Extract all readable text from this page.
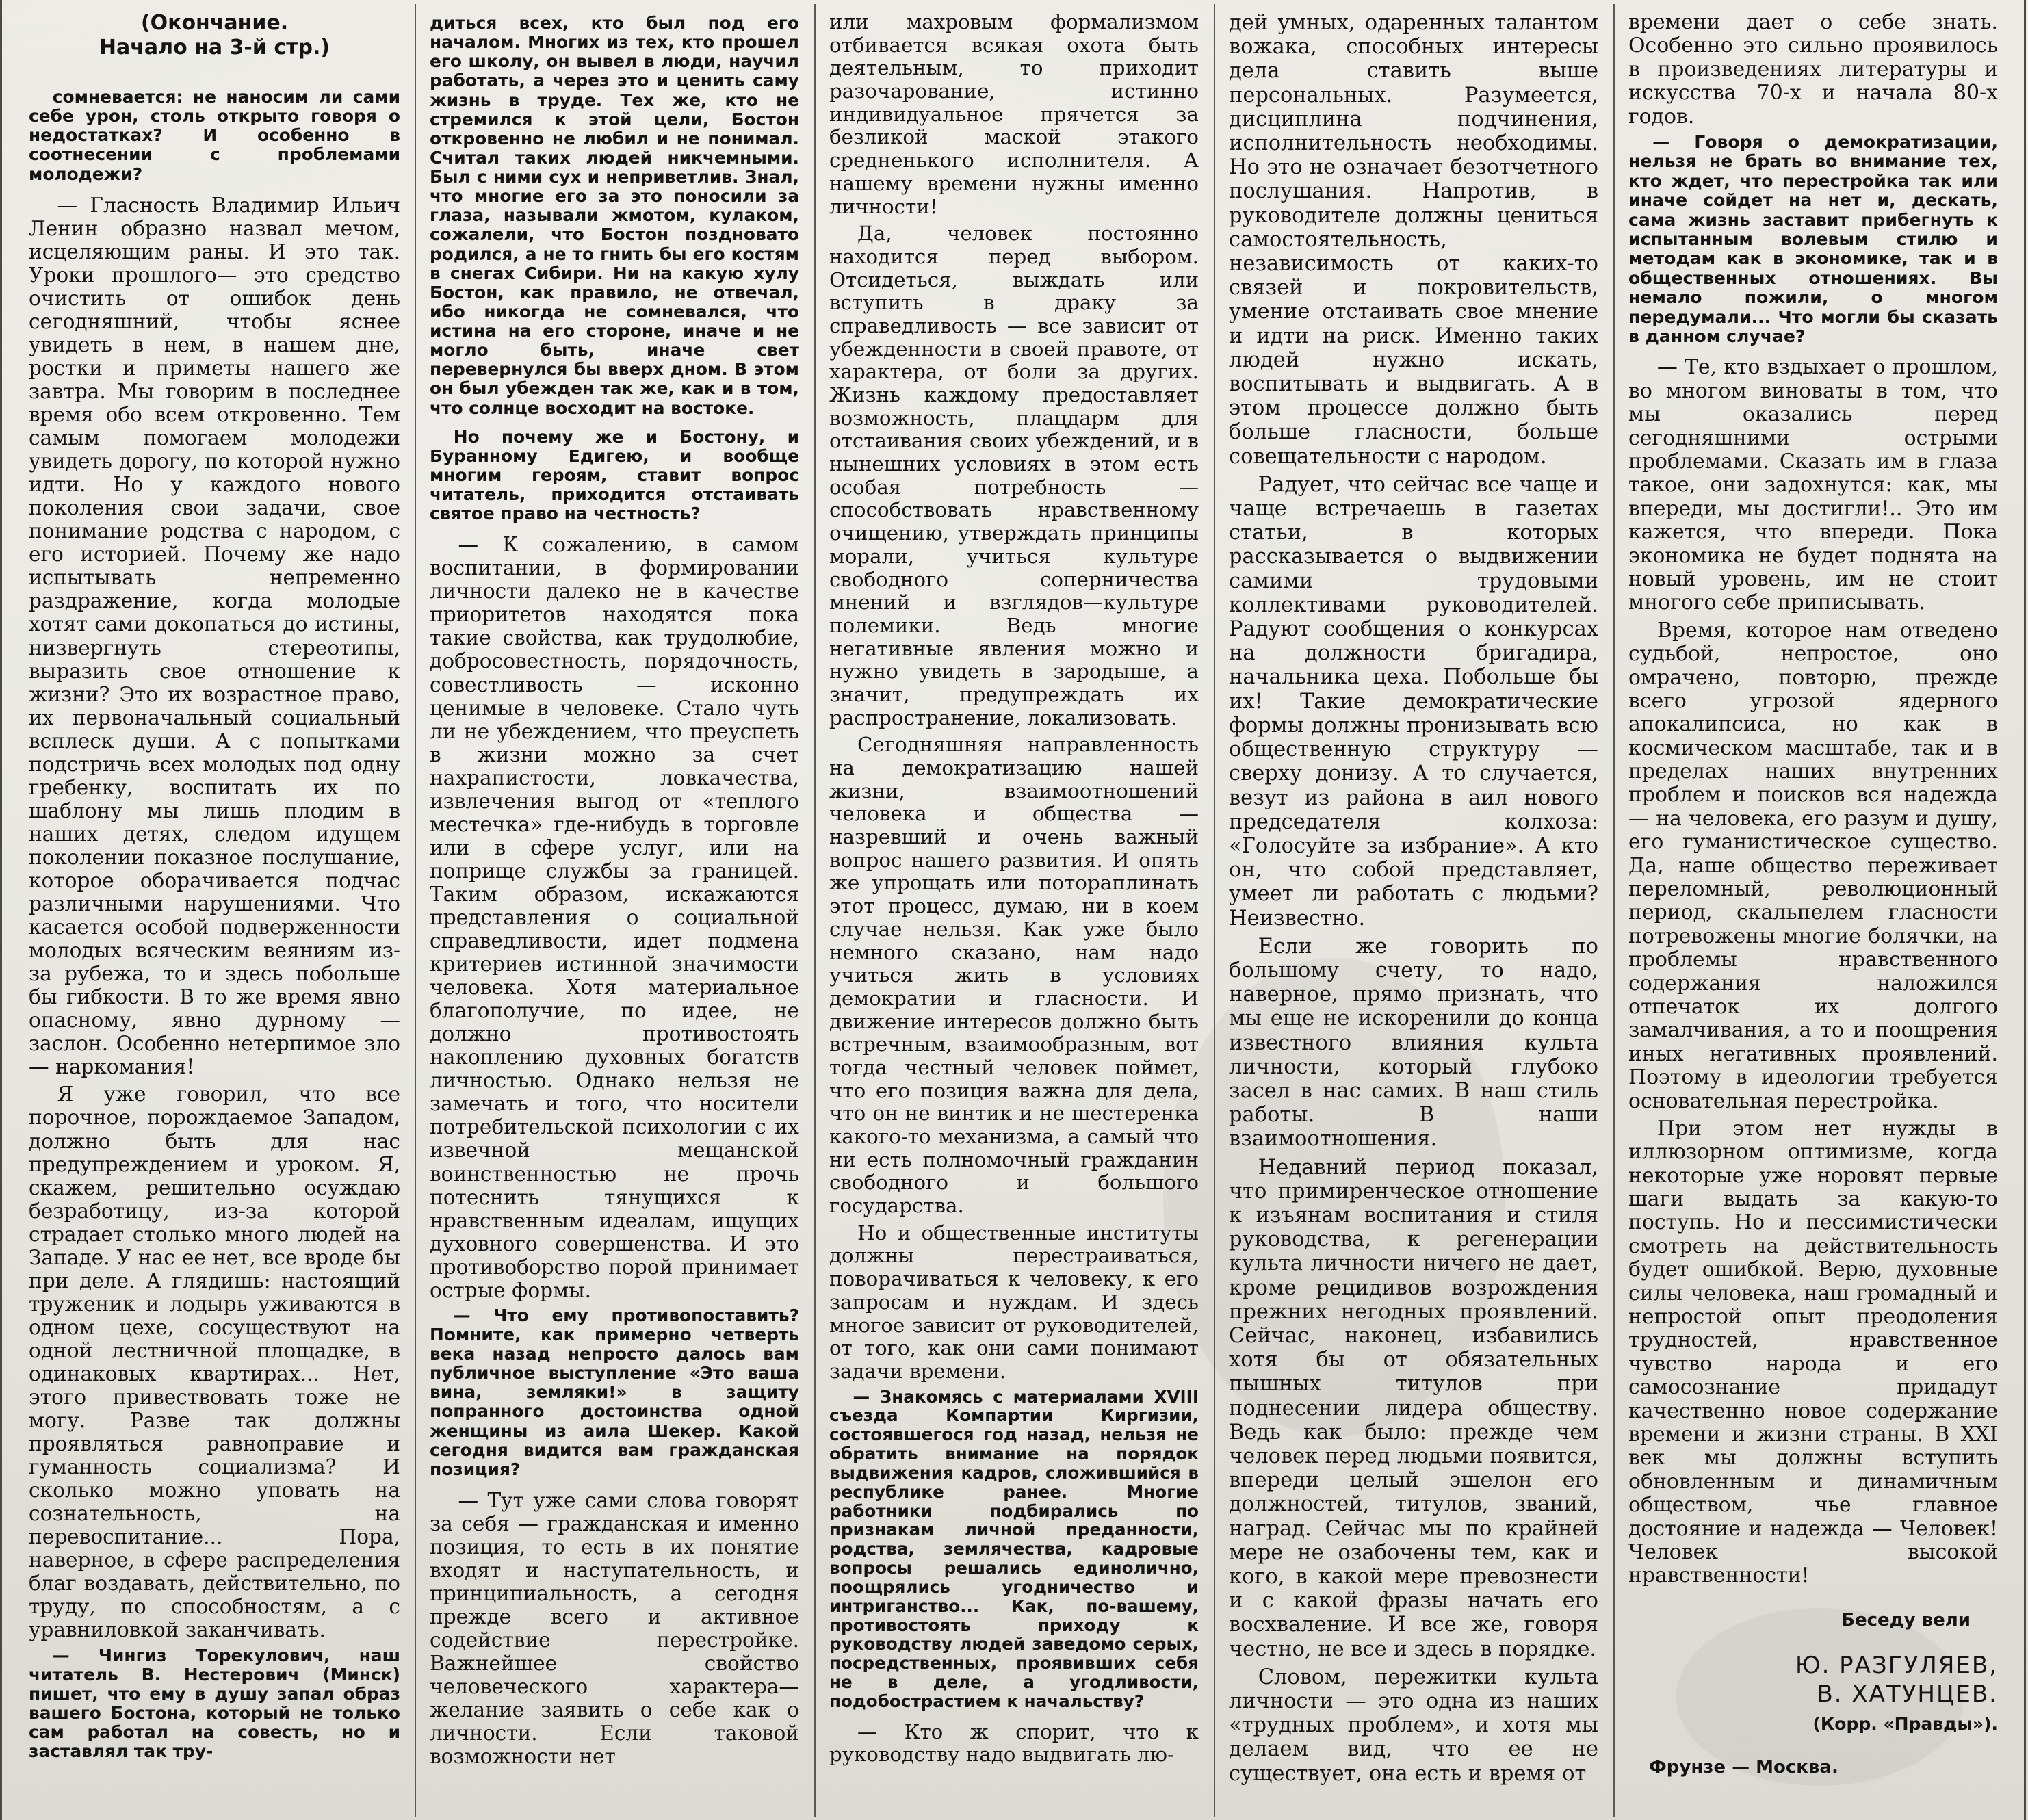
(Окончание.
Начало на 3-й стр.)

сомневается: не наносим ли сами себе урон, столь открыто говоря о недостатках? И особенно в соотнесении с проблемами молодежи?

— Гласность Владимир Ильич Ленин образно назвал мечом, исцеляющим раны. И это так. Уроки прошлого— это средство очистить от ошибок день сегодняшний, чтобы яснее увидеть в нем, в нашем дне, ростки и приметы нашего же завтра. Мы говорим в последнее время обо всем откровенно. Тем самым помогаем молодежи увидеть дорогу, по которой нужно идти. Но у каждого нового поколения свои задачи, свое понимание родства с народом, с его историей. Почему же надо испытывать непременно раздражение, когда молодые хотят сами докопаться до истины, низвергнуть стереотипы, выразить свое отношение к жизни? Это их возрастное право, их первоначальный социальный всплеск души. А с попытками подстричь всех молодых под одну гребенку, воспитать их по шаблону мы лишь плодим в наших детях, следом идущем поколении показное послушание, которое оборачивается подчас различными нарушениями. Что касается особой подверженности молодых всяческим веяниям из-за рубежа, то и здесь побольше бы гибкости. В то же время явно опасному, явно дурному — заслон. Особенно нетерпимое зло — наркомания!

Я уже говорил, что все порочное, порождаемое Западом, должно быть для нас предупреждением и уроком. Я, скажем, решительно осуждаю безработицу, из-за которой страдает столько много людей на Западе. У нас ее нет, все вроде бы при деле. А глядишь: настоящий труженик и лодырь уживаются в одном цехе, сосуществуют на одной лестничной площадке, в одинаковых квартирах... Нет, этого привествовать тоже не могу. Разве так должны проявляться равноправие и гуманность социализма? И сколько можно уповать на сознательность, на перевоспитание... Пора, наверное, в сфере распределения благ воздавать, действительно, по труду, по способностям, а с уравниловкой заканчивать.

— Чингиз Торекулович, наш читатель В. Нестерович (Минск) пишет, что ему в душу запал образ вашего Бостона, который не только сам работал на совесть, но и заставлял так тру-

диться всех, кто был под его началом. Многих из тех, кто прошел его школу, он вывел в люди, научил работать, а через это и ценить саму жизнь в труде. Тех же, кто не стремился к этой цели, Бостон откровенно не любил и не понимал. Считал таких людей никчемными. Был с ними сух и неприветлив. Знал, что многие его за это поносили за глаза, называли жмотом, кулаком, сожалели, что Бостон поздновато родился, а не то гнить бы его костям в снегах Сибири. Ни на какую хулу Бостон, как правило, не отвечал, ибо никогда не сомневался, что истина на его стороне, иначе и не могло быть, иначе свет перевернулся бы вверх дном. В этом он был убежден так же, как и в том, что солнце восходит на востоке.

Но почему же и Бостону, и Буранному Едигею, и вообще многим героям, ставит вопрос читатель, приходится отстаивать святое право на честность?

— К сожалению, в самом воспитании, в формировании личности далеко не в качестве приоритетов находятся пока такие свойства, как трудолюбие, добросовестность, порядочность, совестливость — исконно ценимые в человеке. Стало чуть ли не убеждением, что преуспеть в жизни можно за счет нахрапистости, ловкачества, извлечения выгод от «теплого местечка» где-нибудь в торговле или в сфере услуг, или на поприще службы за границей. Таким образом, искажаются представления о социальной справедливости, идет подмена критериев истинной значимости человека. Хотя материальное благополучие, по идее, не должно противостоять накоплению духовных богатств личностью. Однако нельзя не замечать и того, что носители потребительской психологии с их извечной мещанской воинственностью не прочь потеснить тянущихся к нравственным идеалам, ищущих духовного совершенства. И это противоборство порой принимает острые формы.

— Что ему противопоставить? Помните, как примерно четверть века назад непросто далось вам публичное выступление «Это ваша вина, земляки!» в защиту попранного достоинства одной женщины из аила Шекер. Какой сегодня видится вам гражданская позиция?

— Тут уже сами слова говорят за себя — гражданская и именно позиция, то есть в их понятие входят и наступательность, и принципиальность, а сегодня прежде всего и активное содействие перестройке. Важнейшее свойство человеческого характера—желание заявить о себе как о личности. Если таковой возможности нет

или махровым формализмом отбивается всякая охота быть деятельным, то приходит разочарование, истинно индивидуальное прячется за безликой маской этакого средненького исполнителя. А нашему времени нужны именно личности!

Да, человек постоянно находится перед выбором. Отсидеться, выждать или вступить в драку за справедливость — все зависит от убежденности в своей правоте, от характера, от боли за других. Жизнь каждому предоставляет возможность, плацдарм для отстаивания своих убеждений, и в нынешних условиях в этом есть особая потребность — способствовать нравственному очищению, утверждать принципы морали, учиться культуре свободного соперничества мнений и взглядов—культуре полемики. Ведь многие негативные явления можно и нужно увидеть в зародыше, а значит, предупреждать их распространение, локализовать.

Сегодняшняя направленность на демократизацию нашей жизни, взаимоотношений человека и общества — назревший и очень важный вопрос нашего развития. И опять же упрощать или потораплинать этот процесс, думаю, ни в коем случае нельзя. Как уже было немного сказано, нам надо учиться жить в условиях демократии и гласности. И движение интересов должно быть встречным, взаимообразным, вот тогда честный человек поймет, что его позиция важна для дела, что он не винтик и не шестеренка какого-то механизма, а самый что ни есть полномочный гражданин свободного и большого государства.

Но и общественные институты должны перестраиваться, поворачиваться к человеку, к его запросам и нуждам. И здесь многое зависит от руководителей, от того, как они сами понимают задачи времени.

— Знакомясь с материалами XVIII съезда Компартии Киргизии, состоявшегося год назад, нельзя не обратить внимание на порядок выдвижения кадров, сложившийся в республике ранее. Многие работники подбирались по признакам личной преданности, родства, землячества, кадровые вопросы решались единолично, поощрялись угодничество и интриганство... Как, по-вашему, противостоять приходу к руководству людей заведомо серых, посредственных, проявивших себя не в деле, а угодливости, подобострастием к начальству?

— Кто ж спорит, что к руководству надо выдвигать лю-

дей умных, одаренных талантом вожака, способных интересы дела ставить выше персональных. Разумеется, дисциплина подчинения, исполнительность необходимы. Но это не означает безотчетного послушания. Напротив, в руководителе должны цениться самостоятельность, независимость от каких-то связей и покровительств, умение отстаивать свое мнение и идти на риск. Именно таких людей нужно искать, воспитывать и выдвигать. А в этом процессе должно быть больше гласности, больше совещательности с народом.

Радует, что сейчас все чаще и чаще встречаешь в газетах статьи, в которых рассказывается о выдвижении самими трудовыми коллективами руководителей. Радуют сообщения о конкурсах на должности бригадира, начальника цеха. Побольше бы их! Такие демократические формы должны пронизывать всю общественную структуру — сверху донизу. А то случается, везут из района в аил нового председателя колхоза: «Голосуйте за избрание». А кто он, что собой представляет, умеет ли работать с людьми? Неизвестно.

Если же говорить по большому счету, то надо, наверное, прямо признать, что мы еще не искоренили до конца известного влияния культа личности, который глубоко засел в нас самих. В наш стиль работы. В наши взаимоотношения.

Недавний период показал, что примиренческое отношение к изъянам воспитания и стиля руководства, к регенерации культа личности ничего не дает, кроме рецидивов возрождения прежних негодных проявлений. Сейчас, наконец, избавились хотя бы от обязательных пышных титулов при поднесении лидера обществу. Ведь как было: прежде чем человек перед людьми появится, впереди целый эшелон его должностей, титулов, званий, наград. Сейчас мы по крайней мере не озабочены тем, как и кого, в какой мере превознести и с какой фразы начать его восхваление. И все же, говоря честно, не все и здесь в порядке.

Словом, пережитки культа личности — это одна из наших «трудных проблем», и хотя мы делаем вид, что ее не существует, она есть и время от

времени дает о себе знать. Особенно это сильно проявилось в произведениях литературы и искусства 70-х и начала 80-х годов.

— Говоря о демократизации, нельзя не брать во внимание тех, кто ждет, что перестройка так или иначе сойдет на нет и, дескать, сама жизнь заставит прибегнуть к испытанным волевым стилю и методам как в экономике, так и в общественных отношениях. Вы немало пожили, о многом передумали... Что могли бы сказать в данном случае?

— Те, кто вздыхает о прошлом, во многом виноваты в том, что мы оказались перед сегодняшними острыми проблемами. Сказать им в глаза такое, они задохнутся: как, мы впереди, мы достигли!.. Это им кажется, что впереди. Пока экономика не будет поднята на новый уровень, им не стоит многого себе приписывать.

Время, которое нам отведено судьбой, непростое, оно омрачено, повторю, прежде всего угрозой ядерного апокалипсиса, но как в космическом масштабе, так и в пределах наших внутренних проблем и поисков вся надежда — на человека, его разум и душу, его гуманистическое существо. Да, наше общество переживает переломный, революционный период, скальпелем гласности потревожены многие болячки, на проблемы нравственного содержания наложился отпечаток их долгого замалчивания, а то и поощрения иных негативных проявлений. Поэтому в идеологии требуется основательная перестройка.

При этом нет нужды в иллюзорном оптимизме, когда некоторые уже норовят первые шаги выдать за какую-то поступь. Но и пессимистически смотреть на действительность будет ошибкой. Верю, духовные силы человека, наш громадный и непростой опыт преодоления трудностей, нравственное чувство народа и его самосознание придадут качественно новое содержание времени и жизни страны. В XXI век мы должны вступить обновленным и динамичным обществом, чье главное достояние и надежда — Человек! Человек высокой нравственности!

Беседу вели
Ю. РАЗГУЛЯЕВ,
В. ХАТУНЦЕВ.
(Корр. «Правды»).
Фрунзе — Москва.
